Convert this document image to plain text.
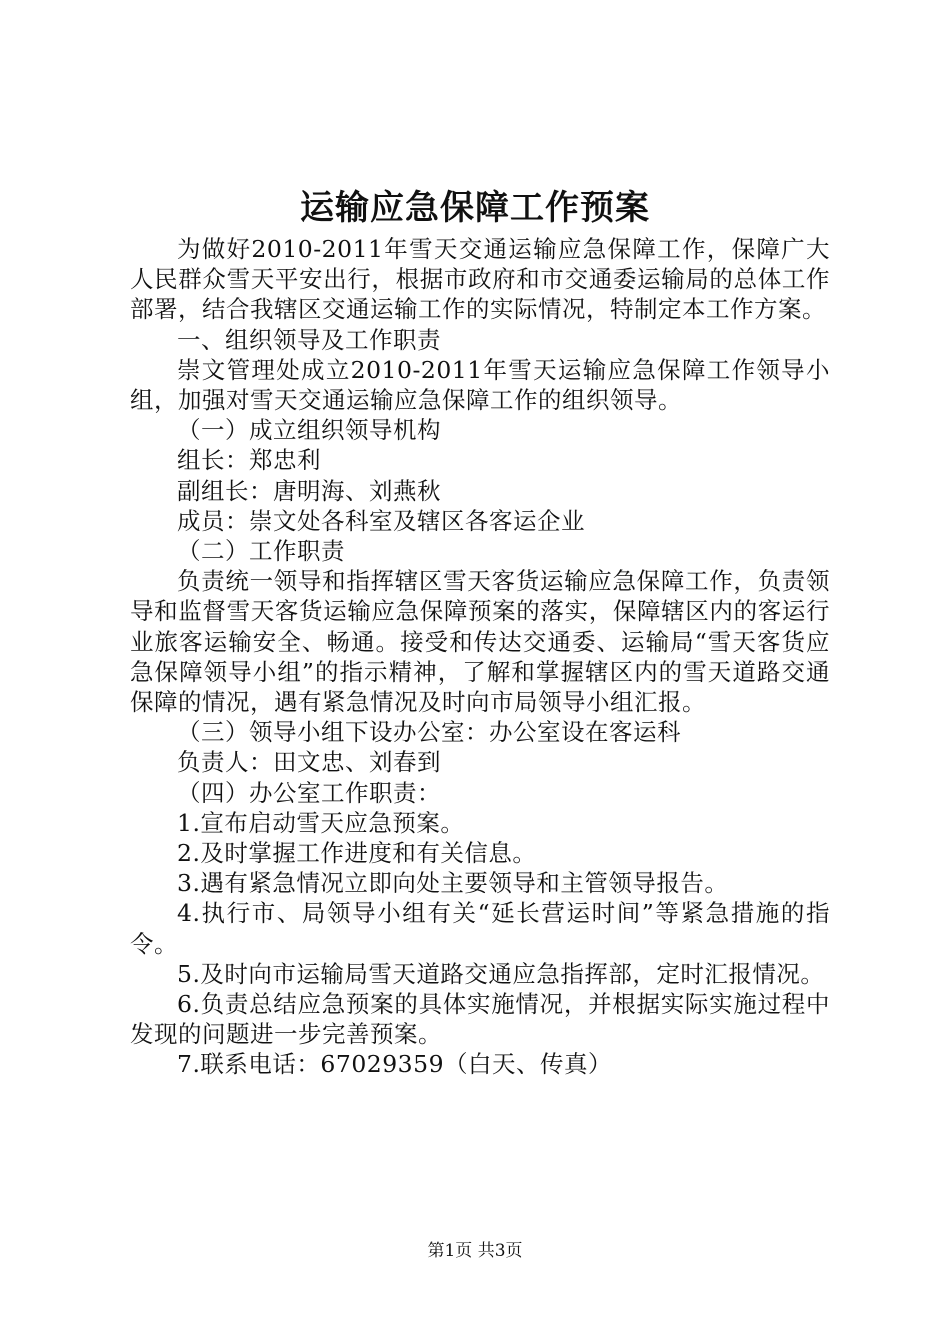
运输应急保障工作预案

为做好2010-2011年雪天交通运输应急保障工作，保障广大人民群众雪天平安出行，根据市政府和市交通委运输局的总体工作部署，结合我辖区交通运输工作的实际情况，特制定本工作方案。

一、组织领导及工作职责

崇文管理处成立2010-2011年雪天运输应急保障工作领导小组，加强对雪天交通运输应急保障工作的组织领导。

（一）成立组织领导机构

组长：郑忠利

副组长：唐明海、刘燕秋

成员：崇文处各科室及辖区各客运企业

（二）工作职责

负责统一领导和指挥辖区雪天客货运输应急保障工作，负责领导和监督雪天客货运输应急保障预案的落实，保障辖区内的客运行业旅客运输安全、畅通。接受和传达交通委、运输局“雪天客货应急保障领导小组”的指示精神，了解和掌握辖区内的雪天道路交通保障的情况，遇有紧急情况及时向市局领导小组汇报。

（三）领导小组下设办公室：办公室设在客运科

负责人：田文忠、刘春到

（四）办公室工作职责：

1.宣布启动雪天应急预案。

2.及时掌握工作进度和有关信息。

3.遇有紧急情况立即向处主要领导和主管领导报告。

4.执行市、局领导小组有关“延长营运时间”等紧急措施的指令。

5.及时向市运输局雪天道路交通应急指挥部，定时汇报情况。

6.负责总结应急预案的具体实施情况，并根据实际实施过程中发现的问题进一步完善预案。

7.联系电话：67029359（白天、传真）

第1页 共3页
